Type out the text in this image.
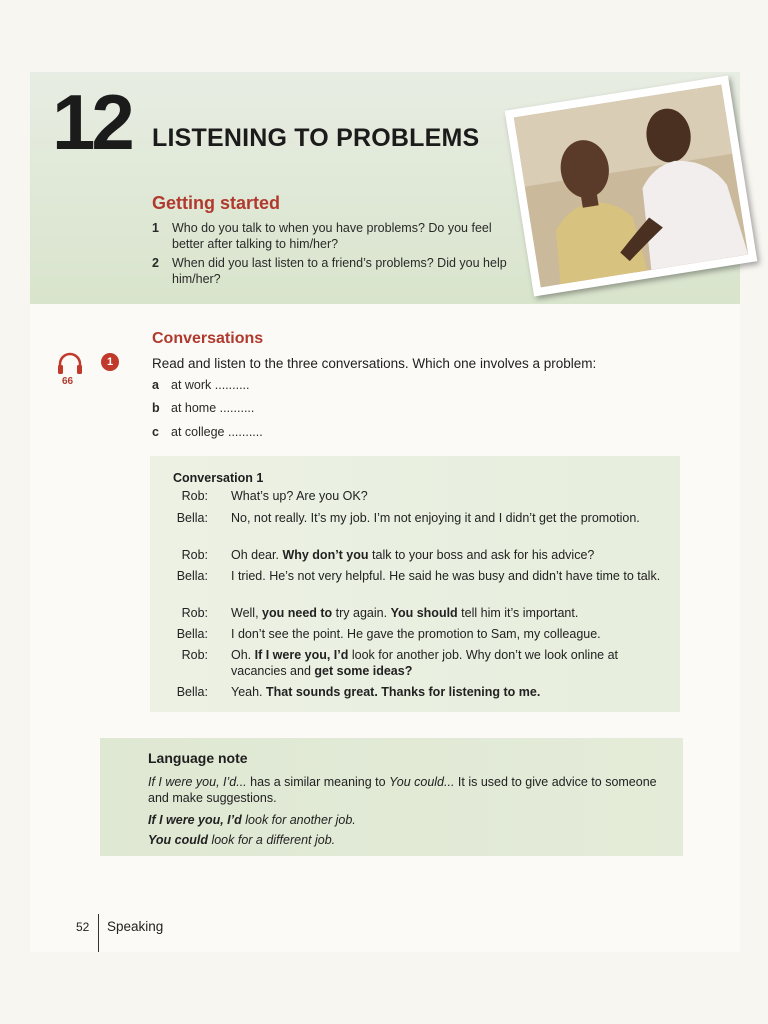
12 LISTENING TO PROBLEMS
Getting started
1 Who do you talk to when you have problems? Do you feel better after talking to him/her?
2 When did you last listen to a friend’s problems? Did you help him/her?
Conversations
66
1	Read and listen to the three conversations. Which one involves a problem:
a at work ..........
b at home ..........
c at college ..........
Conversation 1
Rob: What’s up? Are you OK?
Bella: No, not really. It’s my job. I’m not enjoying it and I didn’t get the promotion.
Rob: Oh dear. Why don’t you talk to your boss and ask for his advice?
Bella: I tried. He’s not very helpful. He said he was busy and didn’t have time to talk.
Rob: Well, you need to try again. You should tell him it’s important.
Bella: I don’t see the point. He gave the promotion to Sam, my colleague.
Rob: Oh. If I were you, I’d look for another job. Why don’t we look online at vacancies and get some ideas?
Bella: Yeah. That sounds great. Thanks for listening to me.
Language note
If I were you, I’d... has a similar meaning to You could... It is used to give advice to someone and make suggestions.
If I were you, I’d look for another job.
You could look for a different job.
52 Speaking
